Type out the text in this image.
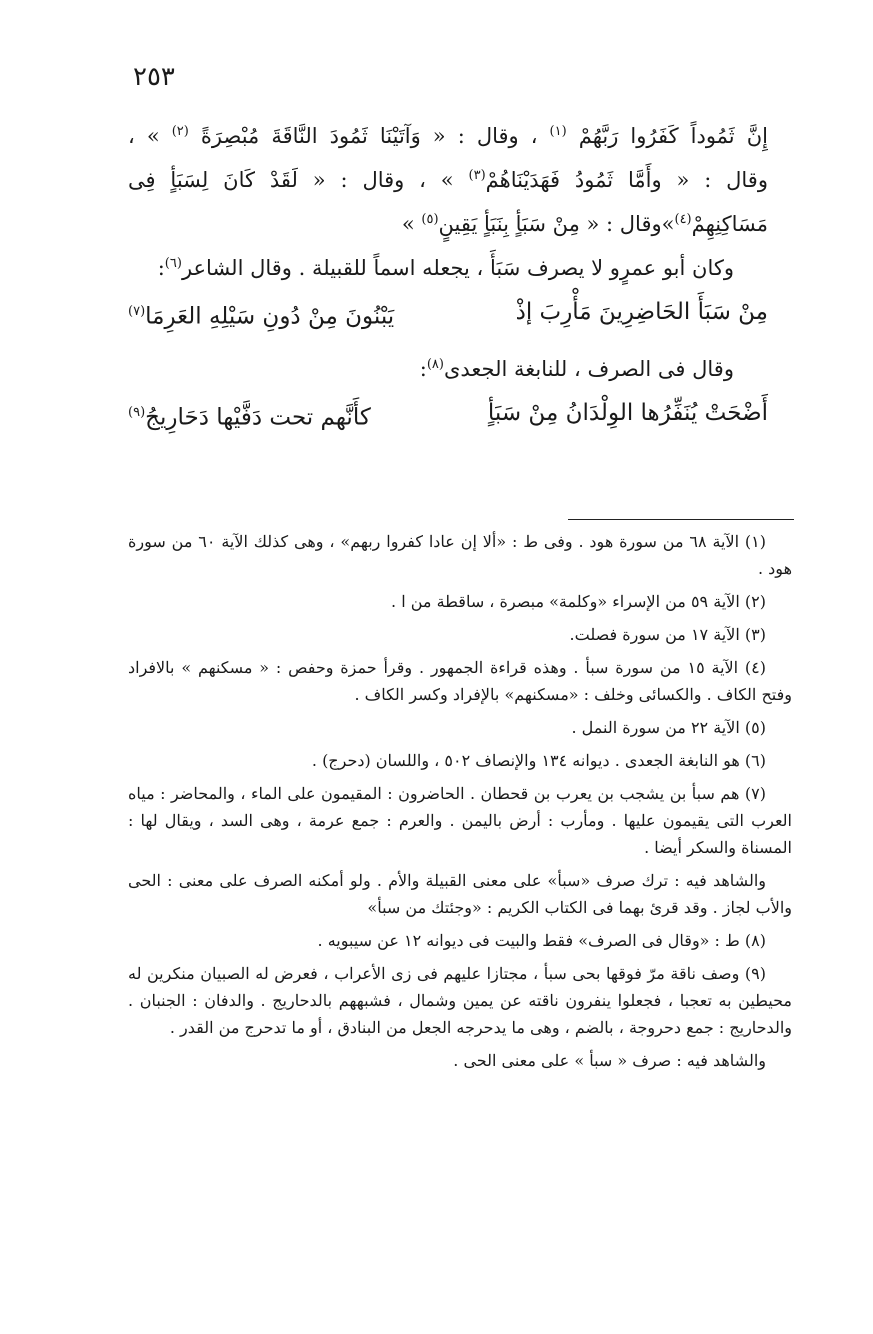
٢٥٣

إِنَّ ثَمُوداً كَفَرُوا رَبَّهُمْ $^{(١)}$ ، وقال : « وَآتَيْنَا ثَمُودَ النَّاقَةَ مُبْصِرَةً $^{(٢)}$ » ،

وقال : « وأَمَّا ثَمُودُ فَهَدَيْنَاهُمْ$^{(٣)}$ » ، وقال : « لَقَدْ كَانَ لِسَبَأٍ فِى

مَسَاكِنِهِمْ$^{(٤)}$»وقال : « مِنْ سَبَأٍ بِنَبَأٍ يَقِينٍ$^{(٥)}$ »

وكان أبو عمرٍو لا يصرف سَبَأَ ، يجعله اسماً للقبيلة . وقال الشاعر$^{(٦)}$:

مِنْ سَبَأَ الحَاضِرِينَ مَأْرِبَ إذْ
يَبْنُونَ مِنْ دُونِ سَيْلِهِ العَرِمَا$^{(٧)}$

وقال فى الصرف ، للنابغة الجعدى$^{(٨)}$:

أَضْحَتْ يُنَفِّرُها الوِلْدَانُ مِنْ سَبَأٍ
كأَنَّهم تحت دَفَّيْها دَحَارِيجُ$^{(٩)}$

(١) الآية ٦٨ من سورة هود . وفى ط : «ألا إن عادا كفروا ربهم» ، وهى كذلك الآية ٦٠ من سورة هود .

(٢) الآية ٥٩ من الإسراء «وكلمة» مبصرة ، ساقطة من ا .

(٣) الآية ١٧ من سورة فصلت.

(٤) الآية ١٥ من سورة سبأ . وهذه قراءة الجمهور . وقرأ حمزة وحفص : « مسكنهم » بالافراد وفتح الكاف . والكسائى وخلف : «مسكنهم» بالإفراد وكسر الكاف .

(٥) الآية ٢٢ من سورة النمل .

(٦) هو النابغة الجعدى . ديوانه ١٣٤ والإنصاف ٥٠٢ ، واللسان (دحرج) .

(٧) هم سبأ بن يشجب بن يعرب بن قحطان . الحاضرون : المقيمون على الماء ، والمحاضر : مياه العرب التى يقيمون عليها . ومأرب : أرض باليمن . والعرم : جمع عرمة ، وهى السد ، ويقال لها : المسناة والسكر أيضا .

والشاهد فيه : ترك صرف «سبأ» على معنى القبيلة والأم . ولو أمكنه الصرف على معنى : الحى والأب لجاز . وقد قرئ بهما فى الكتاب الكريم : «وجئتك من سبأ»

(٨) ط : «وقال فى الصرف» فقط والبيت فى ديوانه ١٢ عن سيبويه .

(٩) وصف ناقة مرّ فوقها بحى سبأ ، مجتازا عليهم فى زى الأعراب ، فعرض له الصبيان منكرين له محيطين به تعجبا ، فجعلوا ينفرون ناقته عن يمين وشمال ، فشبههم بالدحاريج . والدفان : الجنبان . والدحاريج : جمع دحروجة ، بالضم ، وهى ما يدحرجه الجعل من البنادق ، أو ما تدحرج من القدر .

والشاهد فيه : صرف « سبأ » على معنى الحى .
